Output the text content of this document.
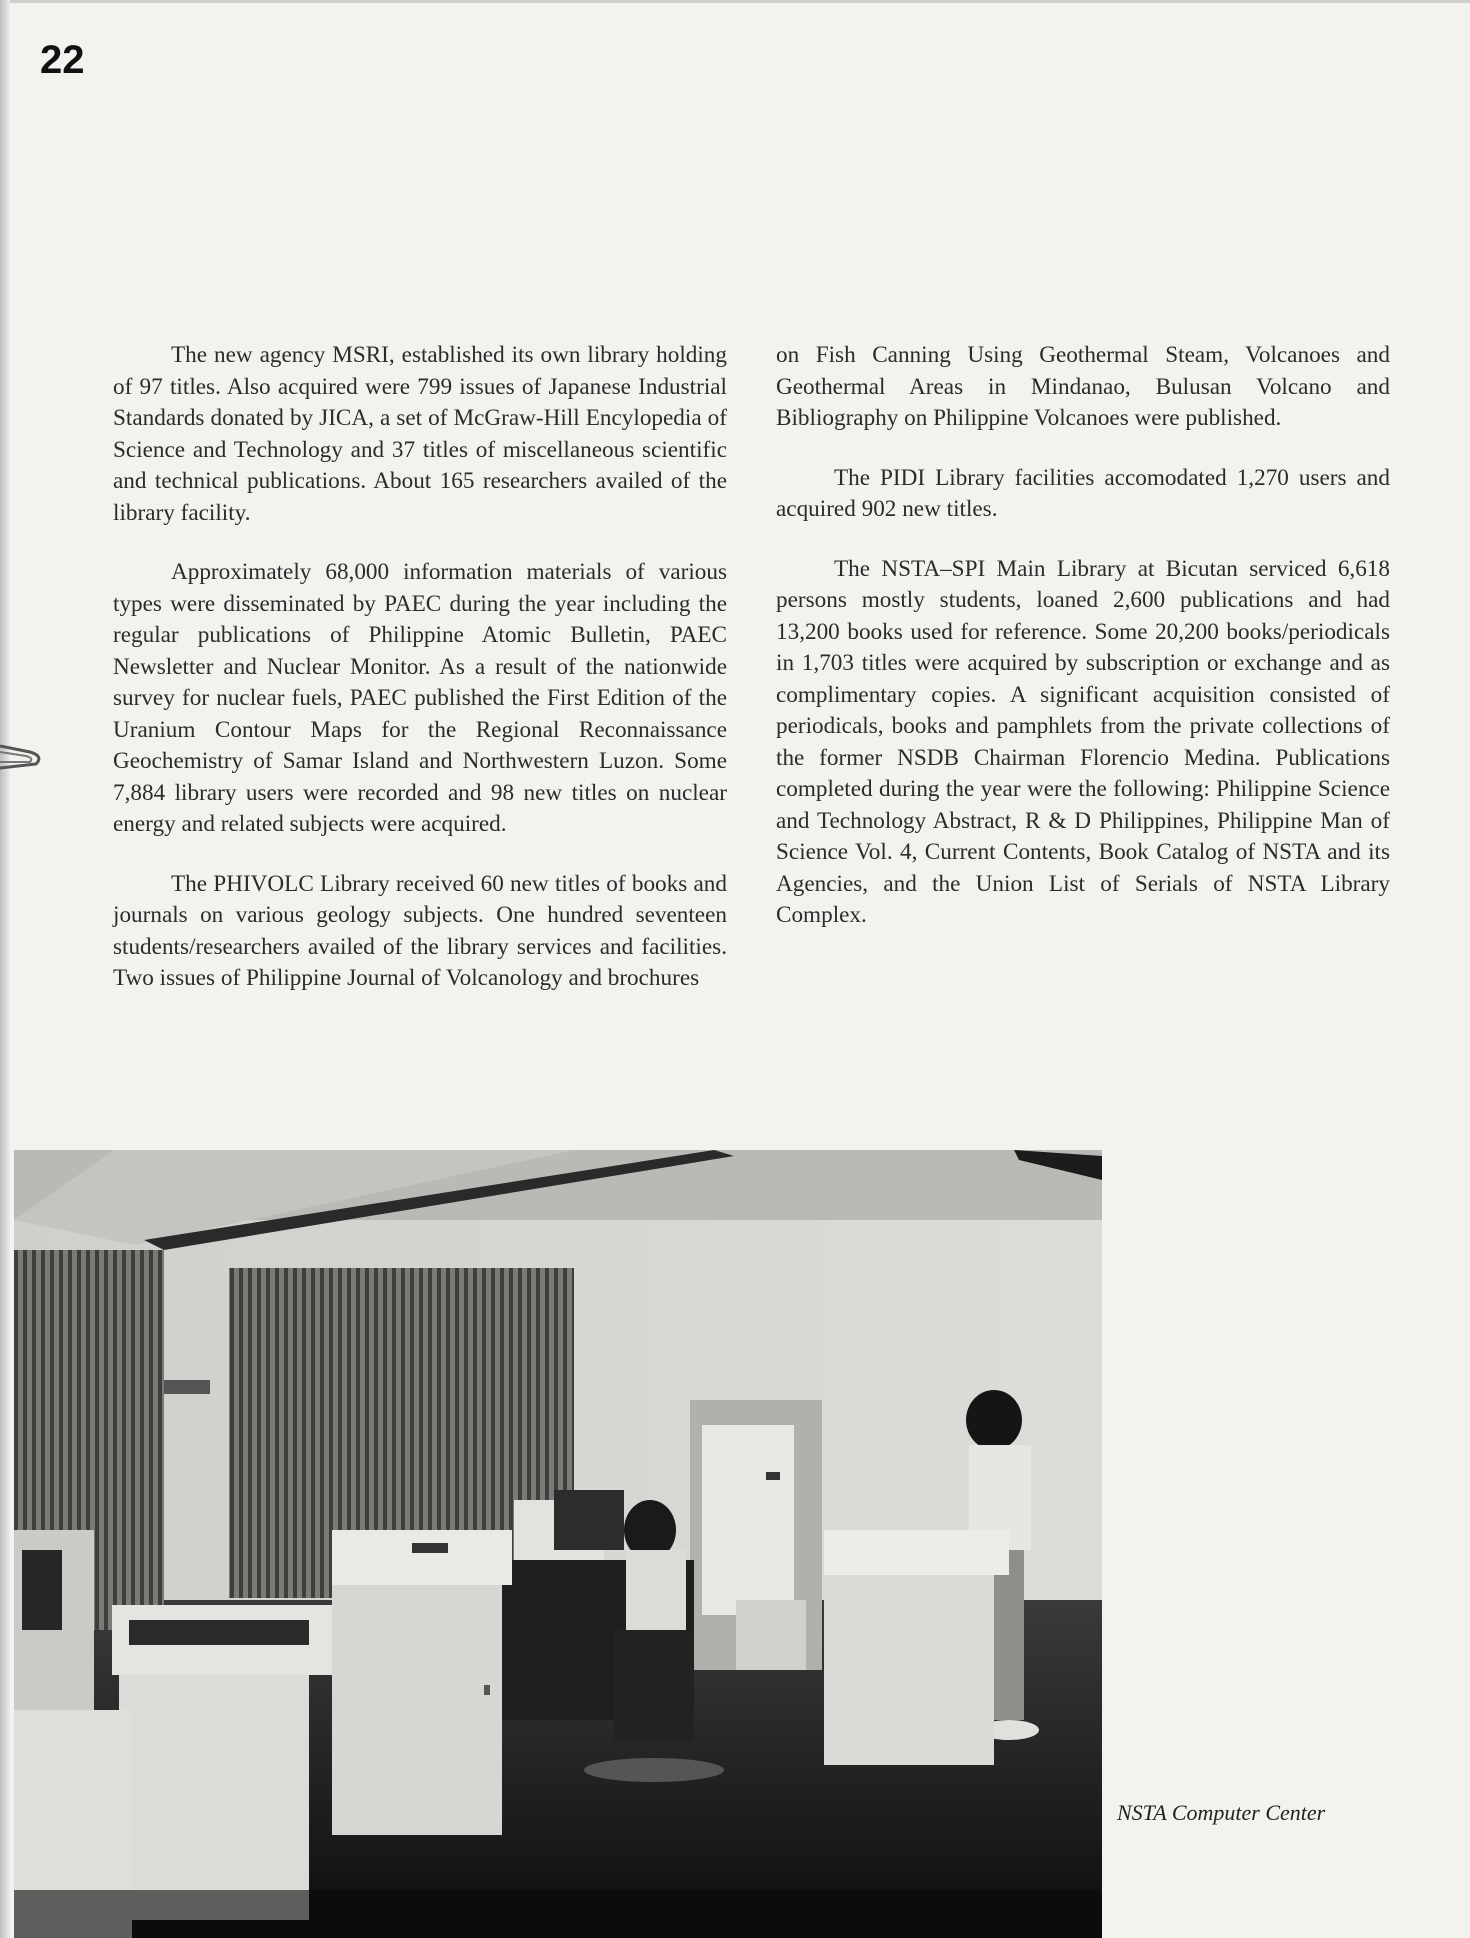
22

The new agency MSRI, established its own library holding of 97 titles. Also acquired were 799 issues of Japanese Industrial Standards donated by JICA, a set of McGraw-Hill Encylopedia of Science and Technology and 37 titles of miscellaneous scientific and technical publications. About 165 researchers availed of the library facility.

Approximately 68,000 information materials of various types were disseminated by PAEC during the year including the regular publications of Philippine Atomic Bulletin, PAEC Newsletter and Nuclear Monitor. As a result of the nationwide survey for nuclear fuels, PAEC published the First Edition of the Uranium Contour Maps for the Regional Reconnaissance Geochemistry of Samar Island and Northwestern Luzon. Some 7,884 library users were recorded and 98 new titles on nuclear energy and related subjects were acquired.

The PHIVOLC Library received 60 new titles of books and journals on various geology subjects. One hundred seventeen students/researchers availed of the library services and facilities. Two issues of Philippine Journal of Volcanology and brochures

on Fish Canning Using Geothermal Steam, Volcanoes and Geothermal Areas in Mindanao, Bulusan Volcano and Bibliography on Philippine Volcanoes were published.

The PIDI Library facilities accomodated 1,270 users and acquired 902 new titles.

The NSTA–SPI Main Library at Bicutan serviced 6,618 persons mostly students, loaned 2,600 publications and had 13,200 books used for reference. Some 20,200 books/periodicals in 1,703 titles were acquired by subscription or exchange and as complimentary copies. A significant acquisition consisted of periodicals, books and pamphlets from the private collections of the former NSDB Chairman Florencio Medina. Publications completed during the year were the following: Philippine Science and Technology Abstract, R & D Philippines, Philippine Man of Science Vol. 4, Current Contents, Book Catalog of NSTA and its Agencies, and the Union List of Serials of NSTA Library Complex.

NSTA Computer Center
